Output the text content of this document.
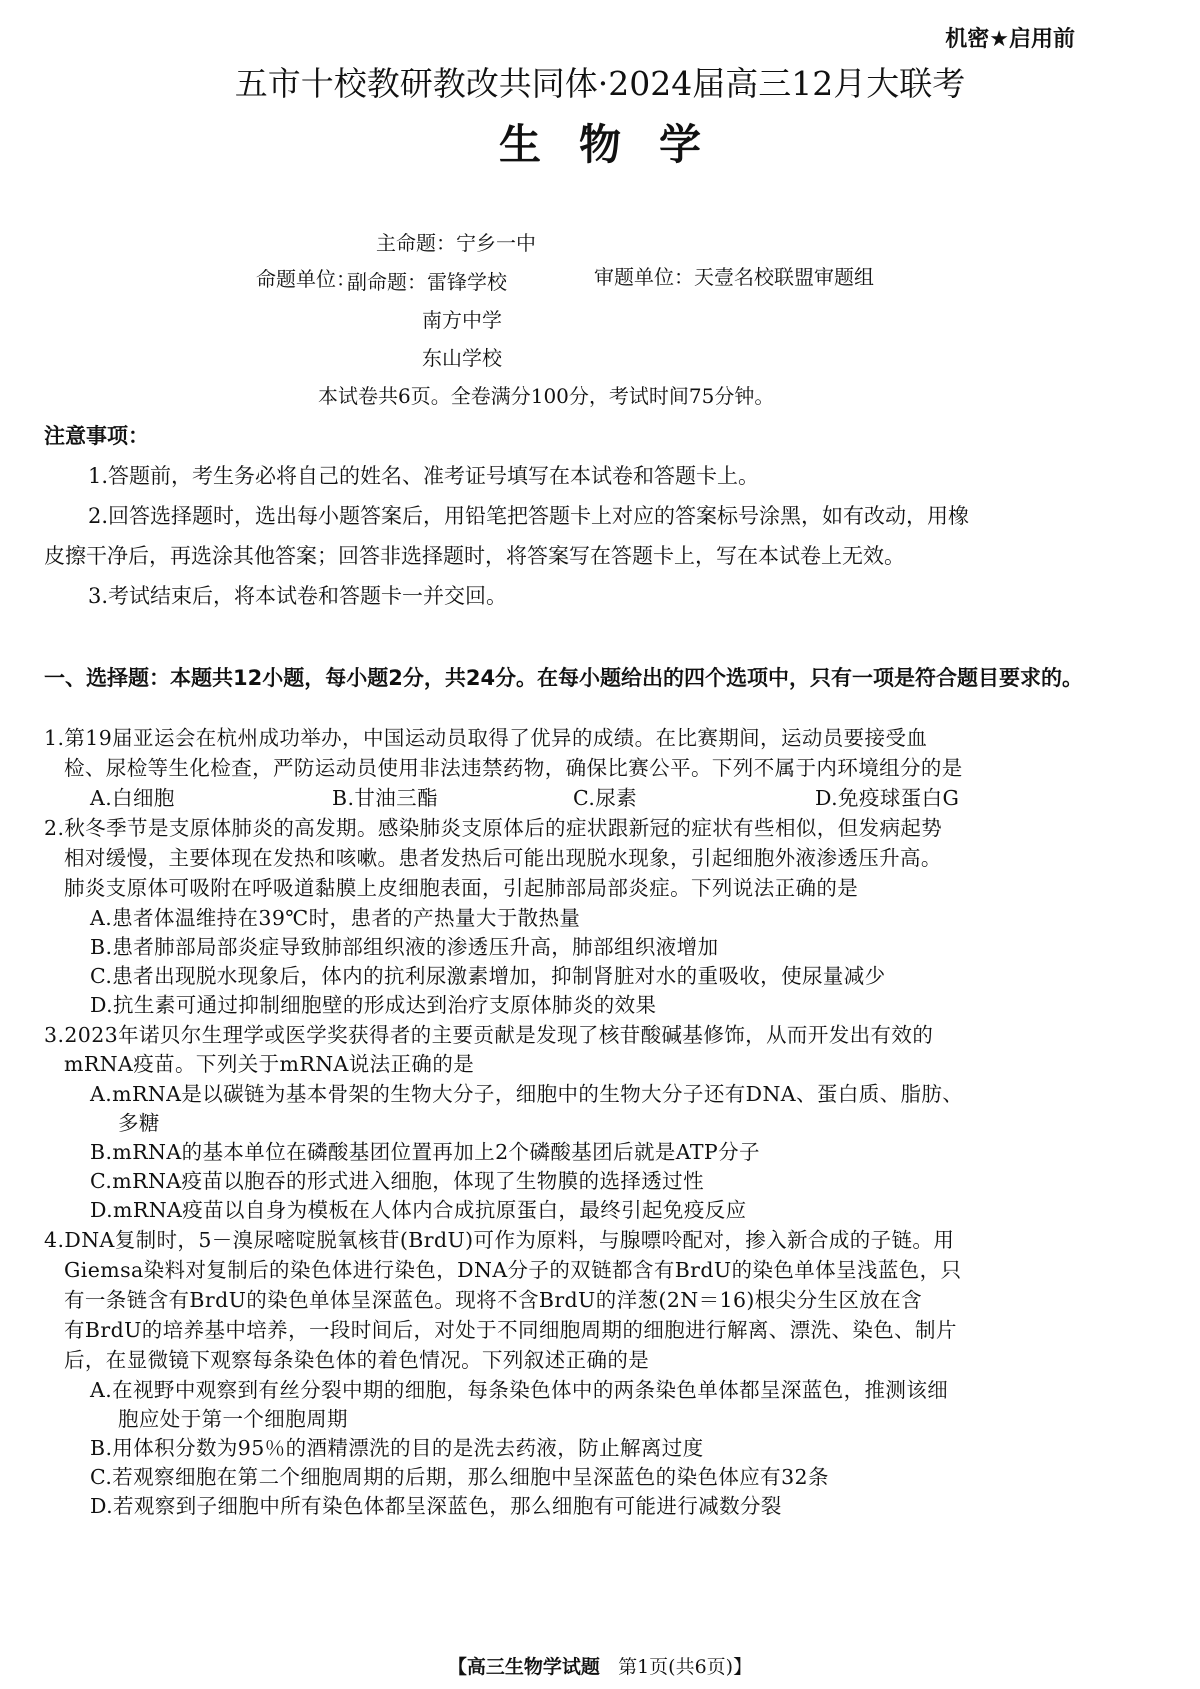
机密★启用前
五市十校教研教改共同体·2024届高三12月大联考
生物学
主命题：宁乡一中
命题单位：
副命题：雷锋学校	审题单位：天壹名校联盟审题组
南方中学
东山学校
本试卷共6页。全卷满分100分，考试时间75分钟。
注意事项：
1.答题前，考生务必将自己的姓名、准考证号填写在本试卷和答题卡上。
2.回答选择题时，选出每小题答案后，用铅笔把答题卡上对应的答案标号涂黑，如有改动，用橡
皮擦干净后，再选涂其他答案；回答非选择题时，将答案写在答题卡上，写在本试卷上无效。
3.考试结束后，将本试卷和答题卡一并交回。
一、选择题：本题共12小题，每小题2分，共24分。在每小题给出的四个选项中，只有一项是符合题目要求的。
1.第19届亚运会在杭州成功举办，中国运动员取得了优异的成绩。在比赛期间，运动员要接受血
检、尿检等生化检查，严防运动员使用非法违禁药物，确保比赛公平。下列不属于内环境组分的是
A.白细胞	B.甘油三酯	C.尿素	D.免疫球蛋白G
2.秋冬季节是支原体肺炎的高发期。感染肺炎支原体后的症状跟新冠的症状有些相似，但发病起势
相对缓慢，主要体现在发热和咳嗽。患者发热后可能出现脱水现象，引起细胞外液渗透压升高。
肺炎支原体可吸附在呼吸道黏膜上皮细胞表面，引起肺部局部炎症。下列说法正确的是
A.患者体温维持在39℃时，患者的产热量大于散热量
B.患者肺部局部炎症导致肺部组织液的渗透压升高，肺部组织液增加
C.患者出现脱水现象后，体内的抗利尿激素增加，抑制肾脏对水的重吸收，使尿量减少
D.抗生素可通过抑制细胞壁的形成达到治疗支原体肺炎的效果
3.2023年诺贝尔生理学或医学奖获得者的主要贡献是发现了核苷酸碱基修饰，从而开发出有效的
mRNA疫苗。下列关于mRNA说法正确的是
A.mRNA是以碳链为基本骨架的生物大分子，细胞中的生物大分子还有DNA、蛋白质、脂肪、
多糖
B.mRNA的基本单位在磷酸基团位置再加上2个磷酸基团后就是ATP分子
C.mRNA疫苗以胞吞的形式进入细胞，体现了生物膜的选择透过性
D.mRNA疫苗以自身为模板在人体内合成抗原蛋白，最终引起免疫反应
4.DNA复制时，5－溴尿嘧啶脱氧核苷(BrdU)可作为原料，与腺嘌呤配对，掺入新合成的子链。用
Giemsa染料对复制后的染色体进行染色，DNA分子的双链都含有BrdU的染色单体呈浅蓝色，只
有一条链含有BrdU的染色单体呈深蓝色。现将不含BrdU的洋葱(2N＝16)根尖分生区放在含
有BrdU的培养基中培养，一段时间后，对处于不同细胞周期的细胞进行解离、漂洗、染色、制片
后，在显微镜下观察每条染色体的着色情况。下列叙述正确的是
A.在视野中观察到有丝分裂中期的细胞，每条染色体中的两条染色单体都呈深蓝色，推测该细
胞应处于第一个细胞周期
B.用体积分数为95％的酒精漂洗的目的是洗去药液，防止解离过度
C.若观察细胞在第二个细胞周期的后期，那么细胞中呈深蓝色的染色体应有32条
D.若观察到子细胞中所有染色体都呈深蓝色，那么细胞有可能进行减数分裂
【高三生物学试题 第1页(共6页)】
